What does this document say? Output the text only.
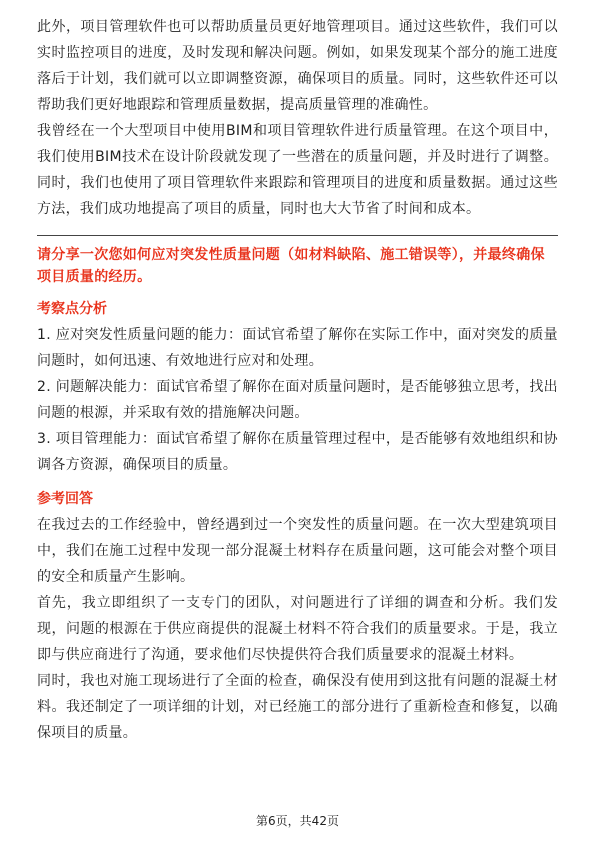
此外，项目管理软件也可以帮助质量员更好地管理项目。通过这些软件，我们可以实时监控项目的进度，及时发现和解决问题。例如，如果发现某个部分的施工进度落后于计划，我们就可以立即调整资源，确保项目的质量。同时，这些软件还可以帮助我们更好地跟踪和管理质量数据，提高质量管理的准确性。

我曾经在一个大型项目中使用BIM和项目管理软件进行质量管理。在这个项目中，我们使用BIM技术在设计阶段就发现了一些潜在的质量问题，并及时进行了调整。同时，我们也使用了项目管理软件来跟踪和管理项目的进度和质量数据。通过这些方法，我们成功地提高了项目的质量，同时也大大节省了时间和成本。

请分享一次您如何应对突发性质量问题（如材料缺陷、施工错误等），并最终确保项目质量的经历。

考察点分析

1. 应对突发性质量问题的能力：面试官希望了解你在实际工作中，面对突发的质量问题时，如何迅速、有效地进行应对和处理。

2. 问题解决能力：面试官希望了解你在面对质量问题时，是否能够独立思考，找出问题的根源，并采取有效的措施解决问题。

3. 项目管理能力：面试官希望了解你在质量管理过程中，是否能够有效地组织和协调各方资源，确保项目的质量。

参考回答

在我过去的工作经验中，曾经遇到过一个突发性的质量问题。在一次大型建筑项目中，我们在施工过程中发现一部分混凝土材料存在质量问题，这可能会对整个项目的安全和质量产生影响。

首先，我立即组织了一支专门的团队，对问题进行了详细的调查和分析。我们发现，问题的根源在于供应商提供的混凝土材料不符合我们的质量要求。于是，我立即与供应商进行了沟通，要求他们尽快提供符合我们质量要求的混凝土材料。

同时，我也对施工现场进行了全面的检查，确保没有使用到这批有问题的混凝土材料。我还制定了一项详细的计划，对已经施工的部分进行了重新检查和修复，以确保项目的质量。

第6页，共42页
